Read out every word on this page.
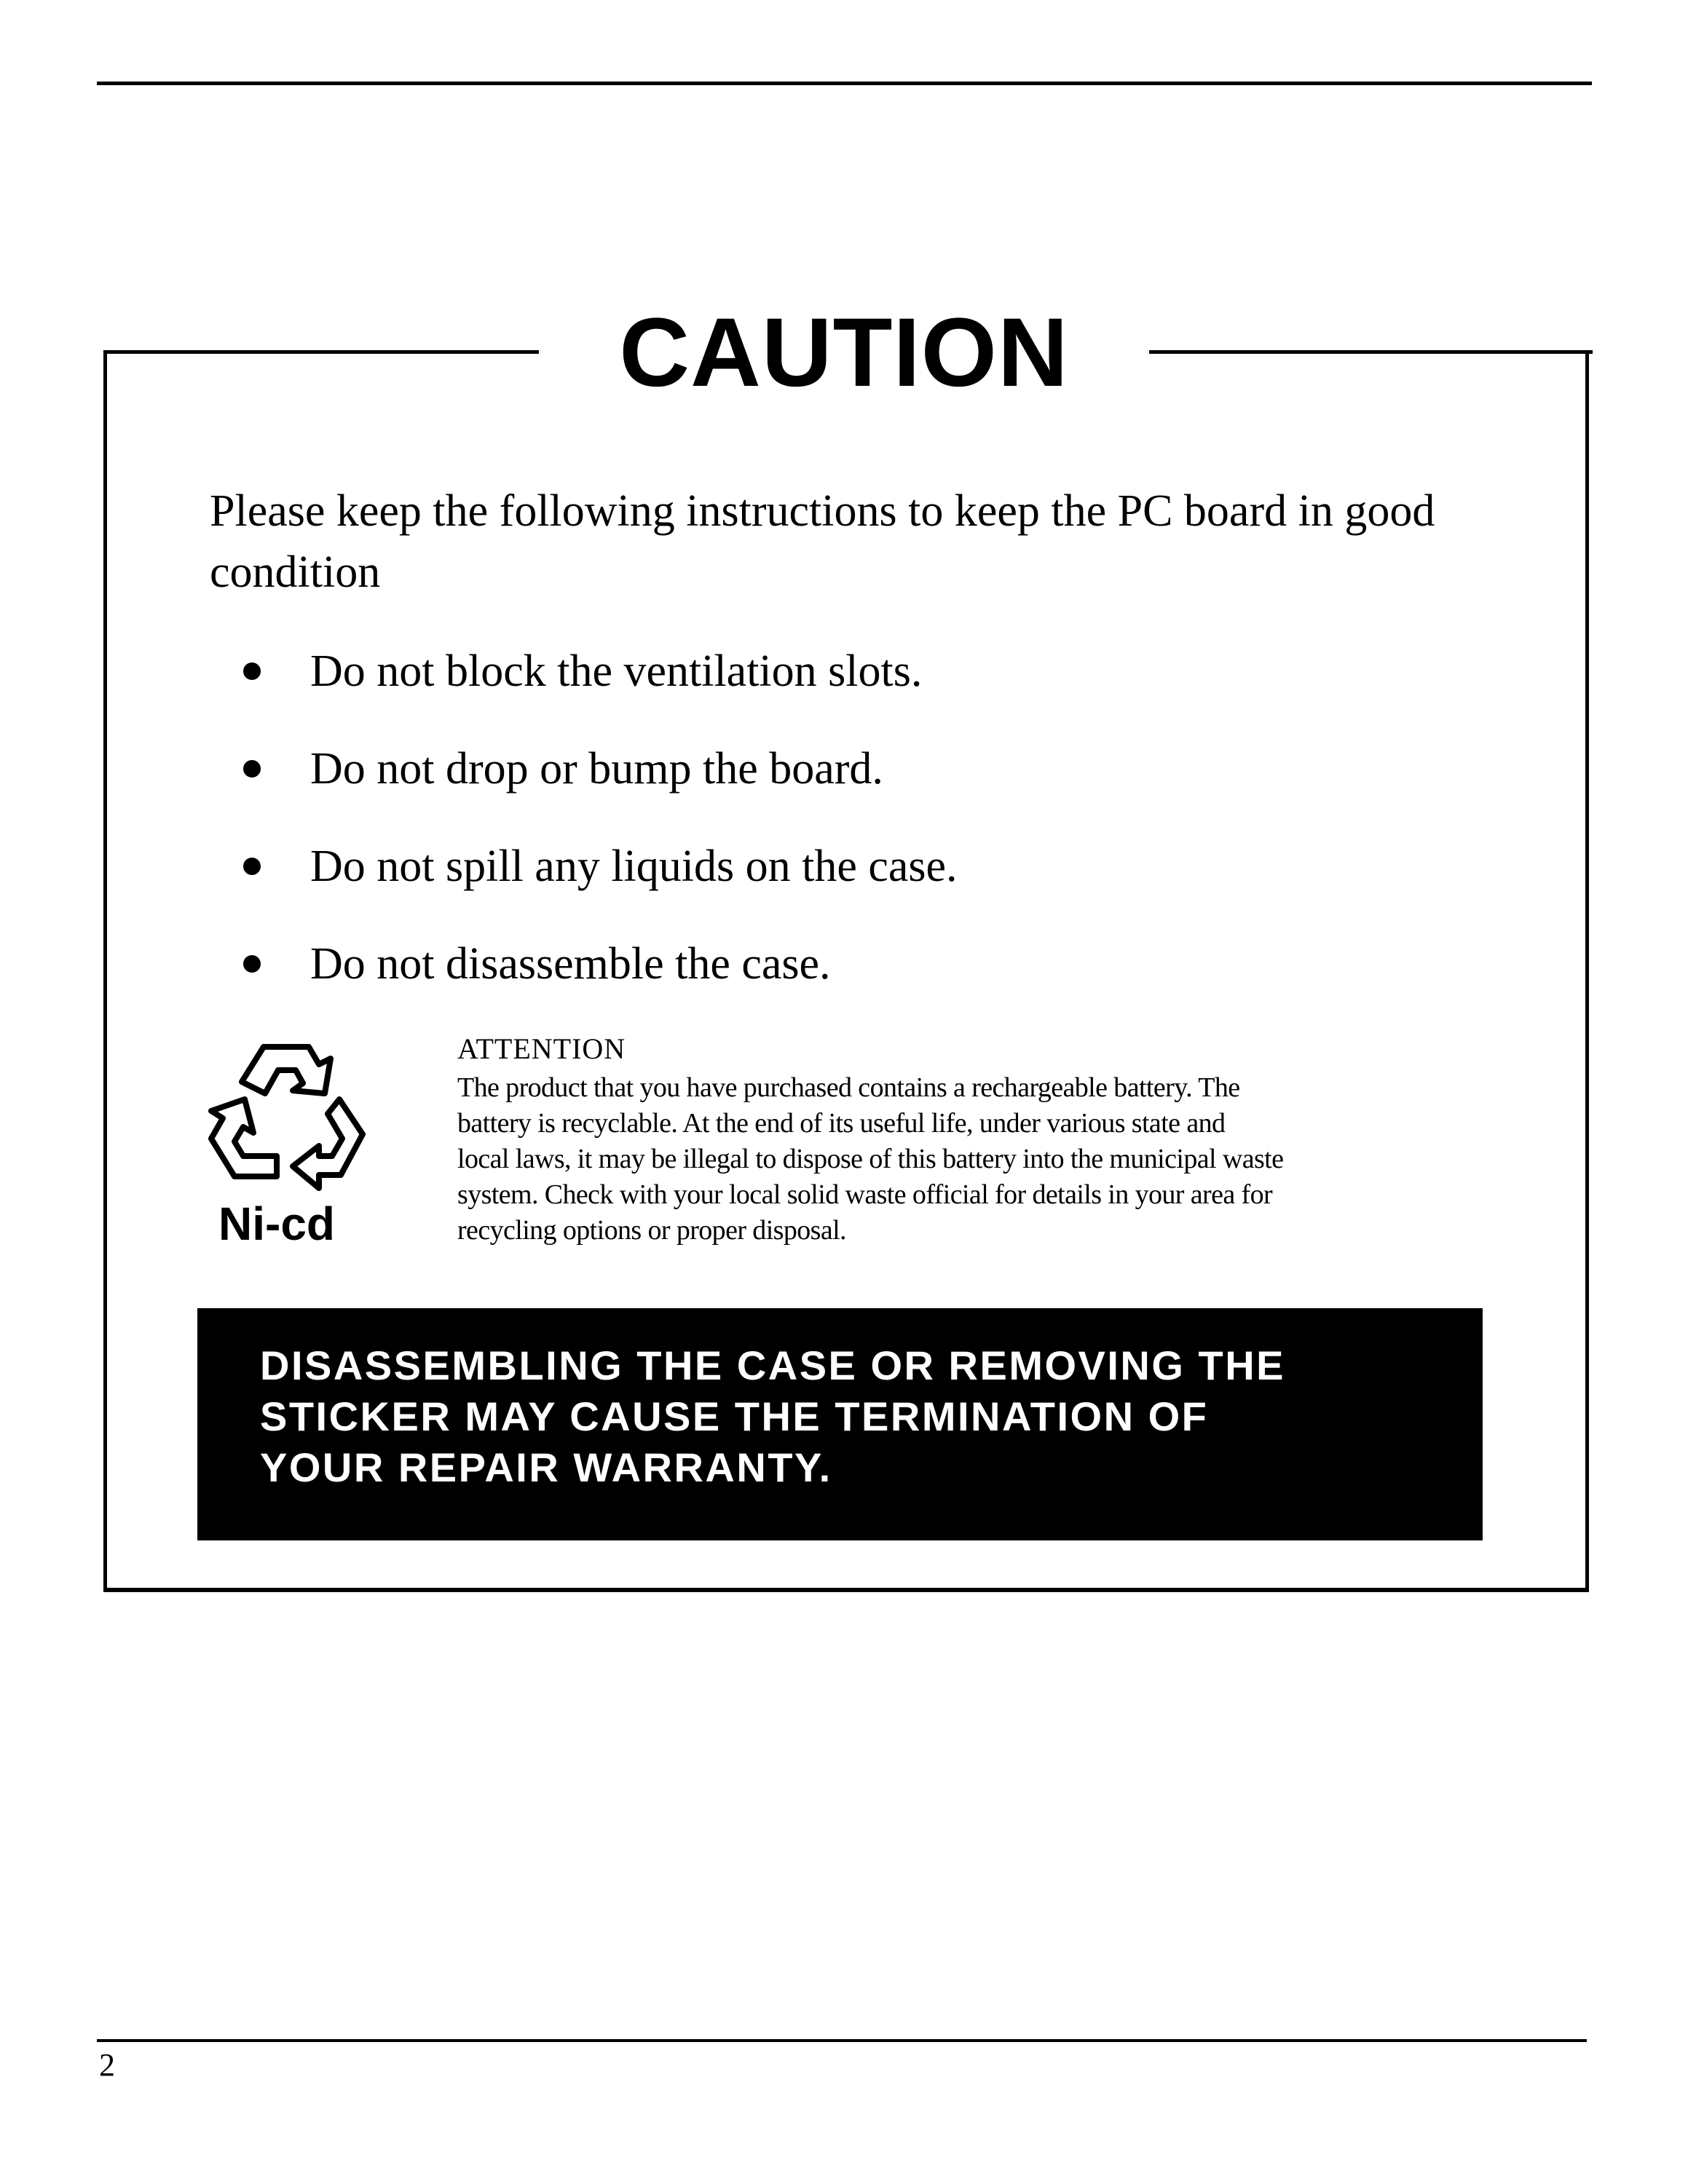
CAUTION
Please keep the following instructions to keep the PC board in good condition
Do not block the ventilation slots.
Do not drop or bump the board.
Do not spill any liquids on the case.
Do not disassemble the case.
Ni-cd
ATTENTION
The product that you have purchased contains a rechargeable battery. The
battery is recyclable. At the end of its useful life, under various state and
local laws, it may be illegal to dispose of this battery into the municipal waste
system. Check with your local solid waste official for details in your area for
recycling options or proper disposal.
DISASSEMBLING THE CASE OR REMOVING THE
STICKER MAY CAUSE THE TERMINATION OF
YOUR REPAIR WARRANTY.
2
